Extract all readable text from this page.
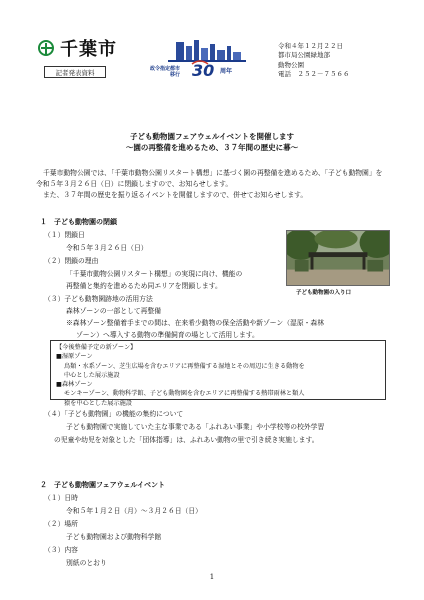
千葉市
記者発表資料	政令指定都市
移行 30 周年
令和４年１２月２２日
都市局公園緑地部
動物公園
電話　２５２－７５６６
子ども動物園フェアウェルイベントを開催します
～園の再整備を進めるため、３７年間の歴史に幕～
千葉市動物公園では、「千葉市動物公園リスタート構想」に基づく園の再整備を進めるため、「子ども動物園」を令和５年３月２６日（日）に閉鎖しますので、お知らせします。
また、３７年間の歴史を振り返るイベントを開催しますので、併せてお知らせします。
１　子ども動物園の閉鎖
（１）閉鎖日
令和５年３月２６日（日）
（２）閉鎖の理由
「千葉市動物公園リスタート構想」の実現に向け、機能の
再整備と集約を進めるため同エリアを閉鎖します。
（３）子ども動物園跡地の活用方法
森林ゾーンの一部として再整備
※森林ゾーン整備着手までの間は、在来希少動物の保全活動や新ゾーン（湿原・森林
ゾーン）へ導入する動物の準備飼育の場として活用します。
子ども動物園の入り口
【今後整備予定の新ゾーン】
■湿原ゾーン
鳥類・水系ゾーン、芝生広場を含むエリアに再整備する湿地とその周辺に生きる動物を
中心とした展示施設
■森林ゾーン
モンキーゾーン、動物科学館、子ども動物園を含むエリアに再整備する熱帯雨林と類人
猿を中心とした展示施設
（４）「子ども動物園」の機能の集約について
子ども動物園で実施していた主な事業である「ふれあい事業」や小学校等の校外学習
の児童や幼児を対象とした「団体指導」は、ふれあい動物の里で引き続き実施します。
２　子ども動物園フェアウェルイベント
（１）日時
令和５年１月２日（月）～３月２６日（日）
（２）場所
子ども動物園および動物科学館
（３）内容
別紙のとおり
1
